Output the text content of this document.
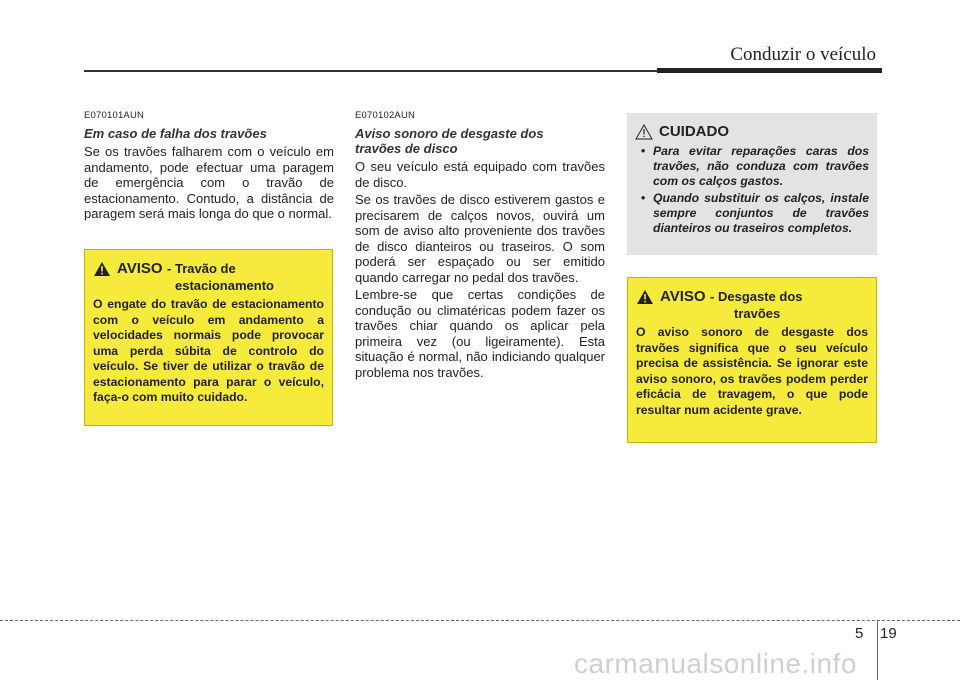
Conduzir o veículo
E070101AUN
Em caso de falha dos travões

Se os travões falharem com o veículo em andamento, pode efectuar uma paragem de emergência com o travão de estacionamento. Contudo, a distância de paragem será mais longa do que o normal.

AVISO - Travão de
estacionamento
O engate do travão de estacionamento com o veículo em andamento a velocidades normais pode provocar uma perda súbita de controlo do veículo. Se tiver de utilizar o travão de estacionamento para parar o veículo, faça-o com muito cuidado.
E070102AUN
Aviso sonoro de desgaste dos
travões de disco

O seu veículo está equipado com travões de disco.

Se os travões de disco estiverem gastos e precisarem de calços novos, ouvirá um som de aviso alto proveniente dos travões de disco dianteiros ou traseiros. O som poderá ser espaçado ou ser emitido quando carregar no pedal dos travões.

Lembre-se que certas condições de condução ou climatéricas podem fazer os travões chiar quando os aplicar pela primeira vez (ou ligeiramente). Esta situação é normal, não indiciando qualquer problema nos travões.

CUIDADO
• Para evitar reparações caras dos travões, não conduza com travões com os calços gastos.
• Quando substituir os calços, instale sempre conjuntos de travões dianteiros ou traseiros completos.
AVISO - Desgaste dos
travões
O aviso sonoro de desgaste dos travões significa que o seu veículo precisa de assistência. Se ignorar este aviso sonoro, os travões podem perder eficácia de travagem, o que pode resultar num acidente grave.
5 19
carmanualsonline.info
